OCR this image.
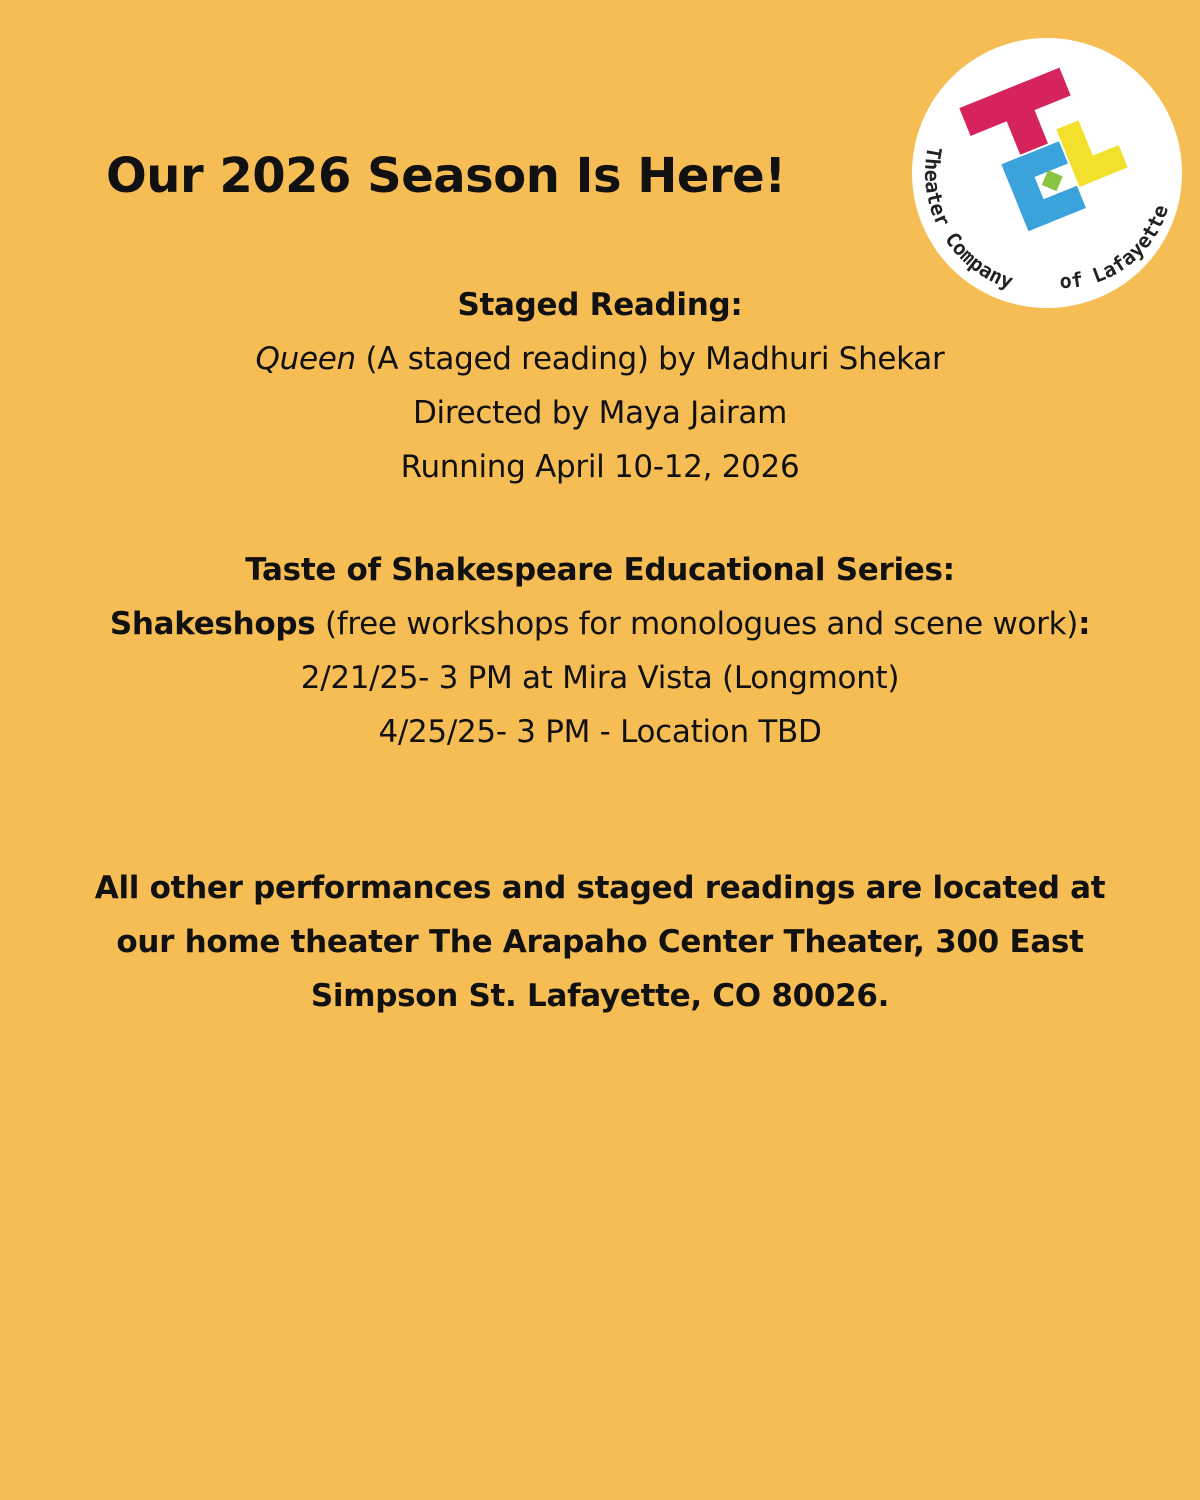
Our 2026 Season Is Here!	Theater Company of Lafayette
Staged Reading:
Queen (A staged reading) by Madhuri Shekar
Directed by Maya Jairam
Running April 10-12, 2026
Taste of Shakespeare Educational Series:
Shakeshops (free workshops for monologues and scene work):
2/21/25- 3 PM at Mira Vista (Longmont)
4/25/25- 3 PM - Location TBD
All other performances and staged readings are located at
our home theater The Arapaho Center Theater, 300 East
Simpson St. Lafayette, CO 80026.
